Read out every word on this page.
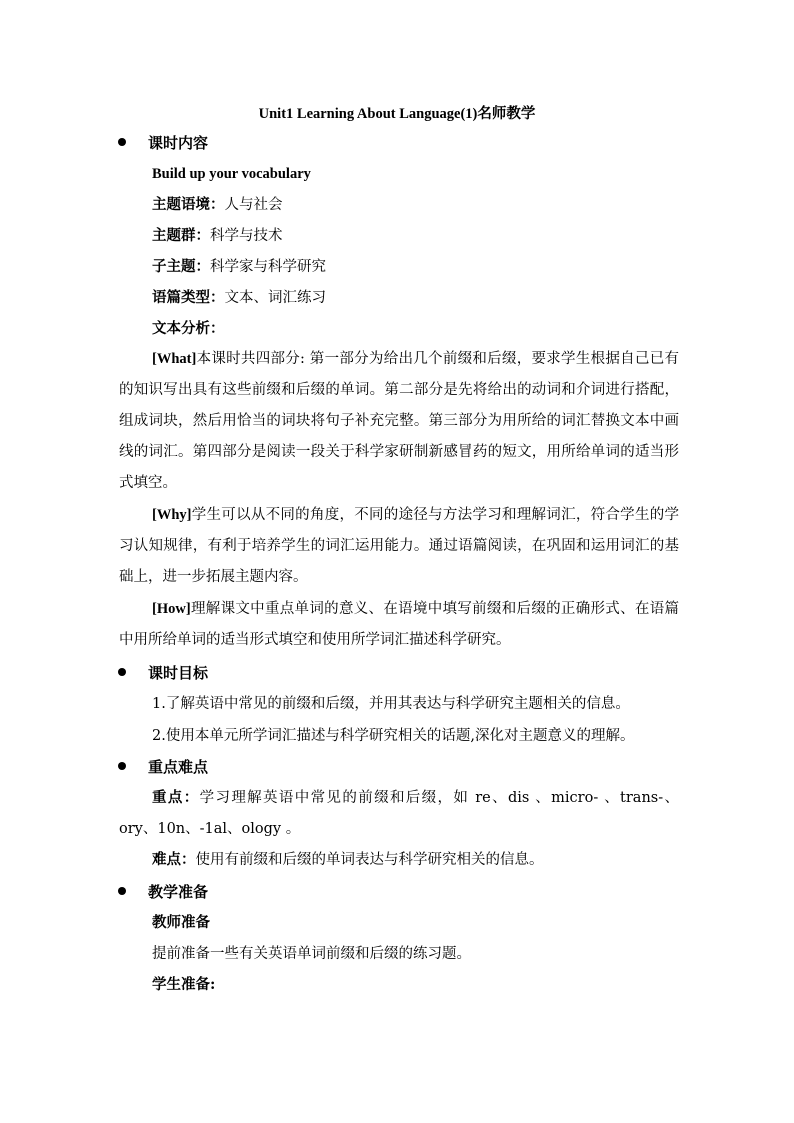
Unit1 Learning About Language(1)名师教学
课时内容
Build up your vocabulary
主题语境：人与社会
主题群：科学与技术
子主题：科学家与科学研究
语篇类型：文本、词汇练习
文本分析：
[What]本课时共四部分: 第一部分为给出几个前缀和后缀，要求学生根据自己已有的知识写出具有这些前缀和后缀的单词。第二部分是先将给出的动词和介词进行搭配，组成词块，然后用恰当的词块将句子补充完整。第三部分为用所给的词汇替换文本中画线的词汇。第四部分是阅读一段关于科学家研制新感冒药的短文，用所给单词的适当形式填空。
[Why]学生可以从不同的角度，不同的途径与方法学习和理解词汇，符合学生的学习认知规律，有利于培养学生的词汇运用能力。通过语篇阅读，在巩固和运用词汇的基础上，进一步拓展主题内容。
[How]理解课文中重点单词的意义、在语境中填写前缀和后缀的正确形式、在语篇中用所给单词的适当形式填空和使用所学词汇描述科学研究。
课时目标
1.了解英语中常见的前缀和后缀，并用其表达与科学研究主题相关的信息。
2.使用本单元所学词汇描述与科学研究相关的话题,深化对主题意义的理解。
重点难点
重点：学习理解英语中常见的前缀和后缀，如 re、dis 、micro- 、trans-、ory、10n、-1al、ology 。
难点：使用有前缀和后缀的单词表达与科学研究相关的信息。
教学准备
教师准备
提前准备一些有关英语单词前缀和后缀的练习题。
学生准备:
